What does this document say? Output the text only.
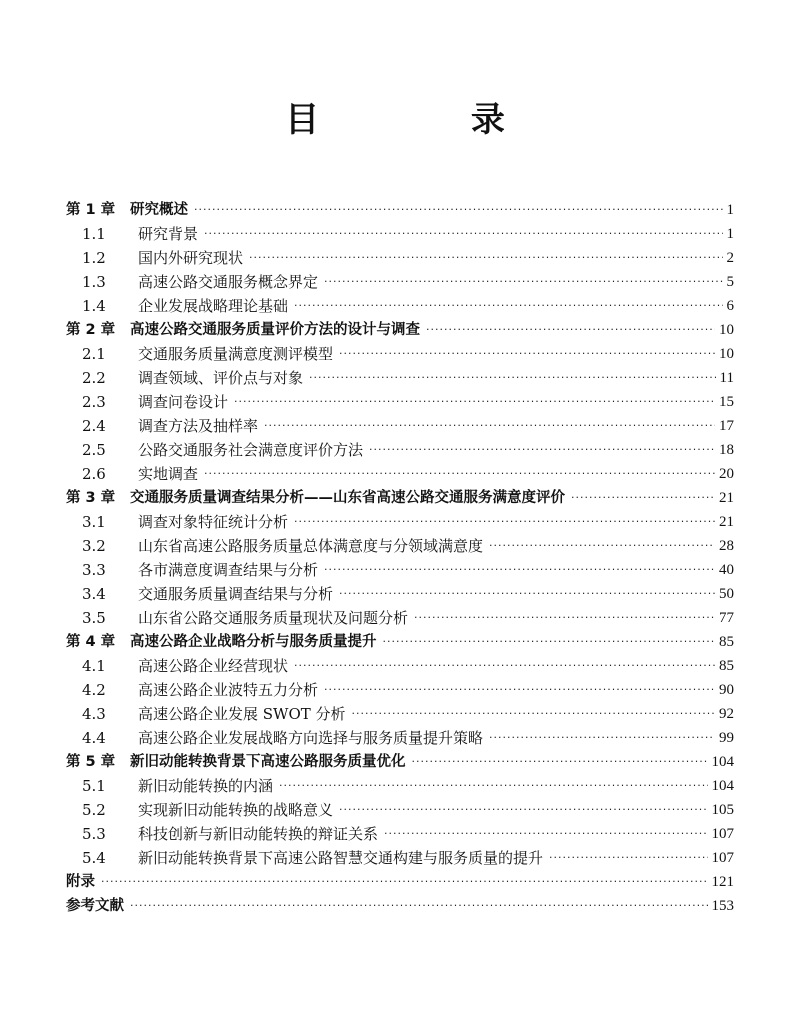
目 录
第 1 章	研究概述 ·····	1
1.1	研究背景 ·····	1
1.2	国内外研究现状 ·····	2
1.3	高速公路交通服务概念界定 ·····	5
1.4	企业发展战略理论基础 ·····	6
第 2 章	高速公路交通服务质量评价方法的设计与调查 ·····	10
2.1	交通服务质量满意度测评模型 ·····	10
2.2	调查领域、评价点与对象 ·····	11
2.3	调查问卷设计 ·····	15
2.4	调查方法及抽样率 ·····	17
2.5	公路交通服务社会满意度评价方法 ·····	18
2.6	实地调查 ·····	20
第 3 章	交通服务质量调查结果分析——山东省高速公路交通服务满意度评价 ·····	21
3.1	调查对象特征统计分析 ·····	21
3.2	山东省高速公路服务质量总体满意度与分领域满意度 ·····	28
3.3	各市满意度调查结果与分析 ·····	40
3.4	交通服务质量调查结果与分析 ·····	50
3.5	山东省公路交通服务质量现状及问题分析 ·····	77
第 4 章	高速公路企业战略分析与服务质量提升 ·····	85
4.1	高速公路企业经营现状 ·····	85
4.2	高速公路企业波特五力分析 ·····	90
4.3	高速公路企业发展 SWOT 分析 ·····	92
4.4	高速公路企业发展战略方向选择与服务质量提升策略 ·····	99
第 5 章	新旧动能转换背景下高速公路服务质量优化 ·····	104
5.1	新旧动能转换的内涵 ·····	104
5.2	实现新旧动能转换的战略意义 ·····	105
5.3	科技创新与新旧动能转换的辩证关系 ·····	107
5.4	新旧动能转换背景下高速公路智慧交通构建与服务质量的提升 ·····	107
附录 ·····	121
参考文献 ·····	153
